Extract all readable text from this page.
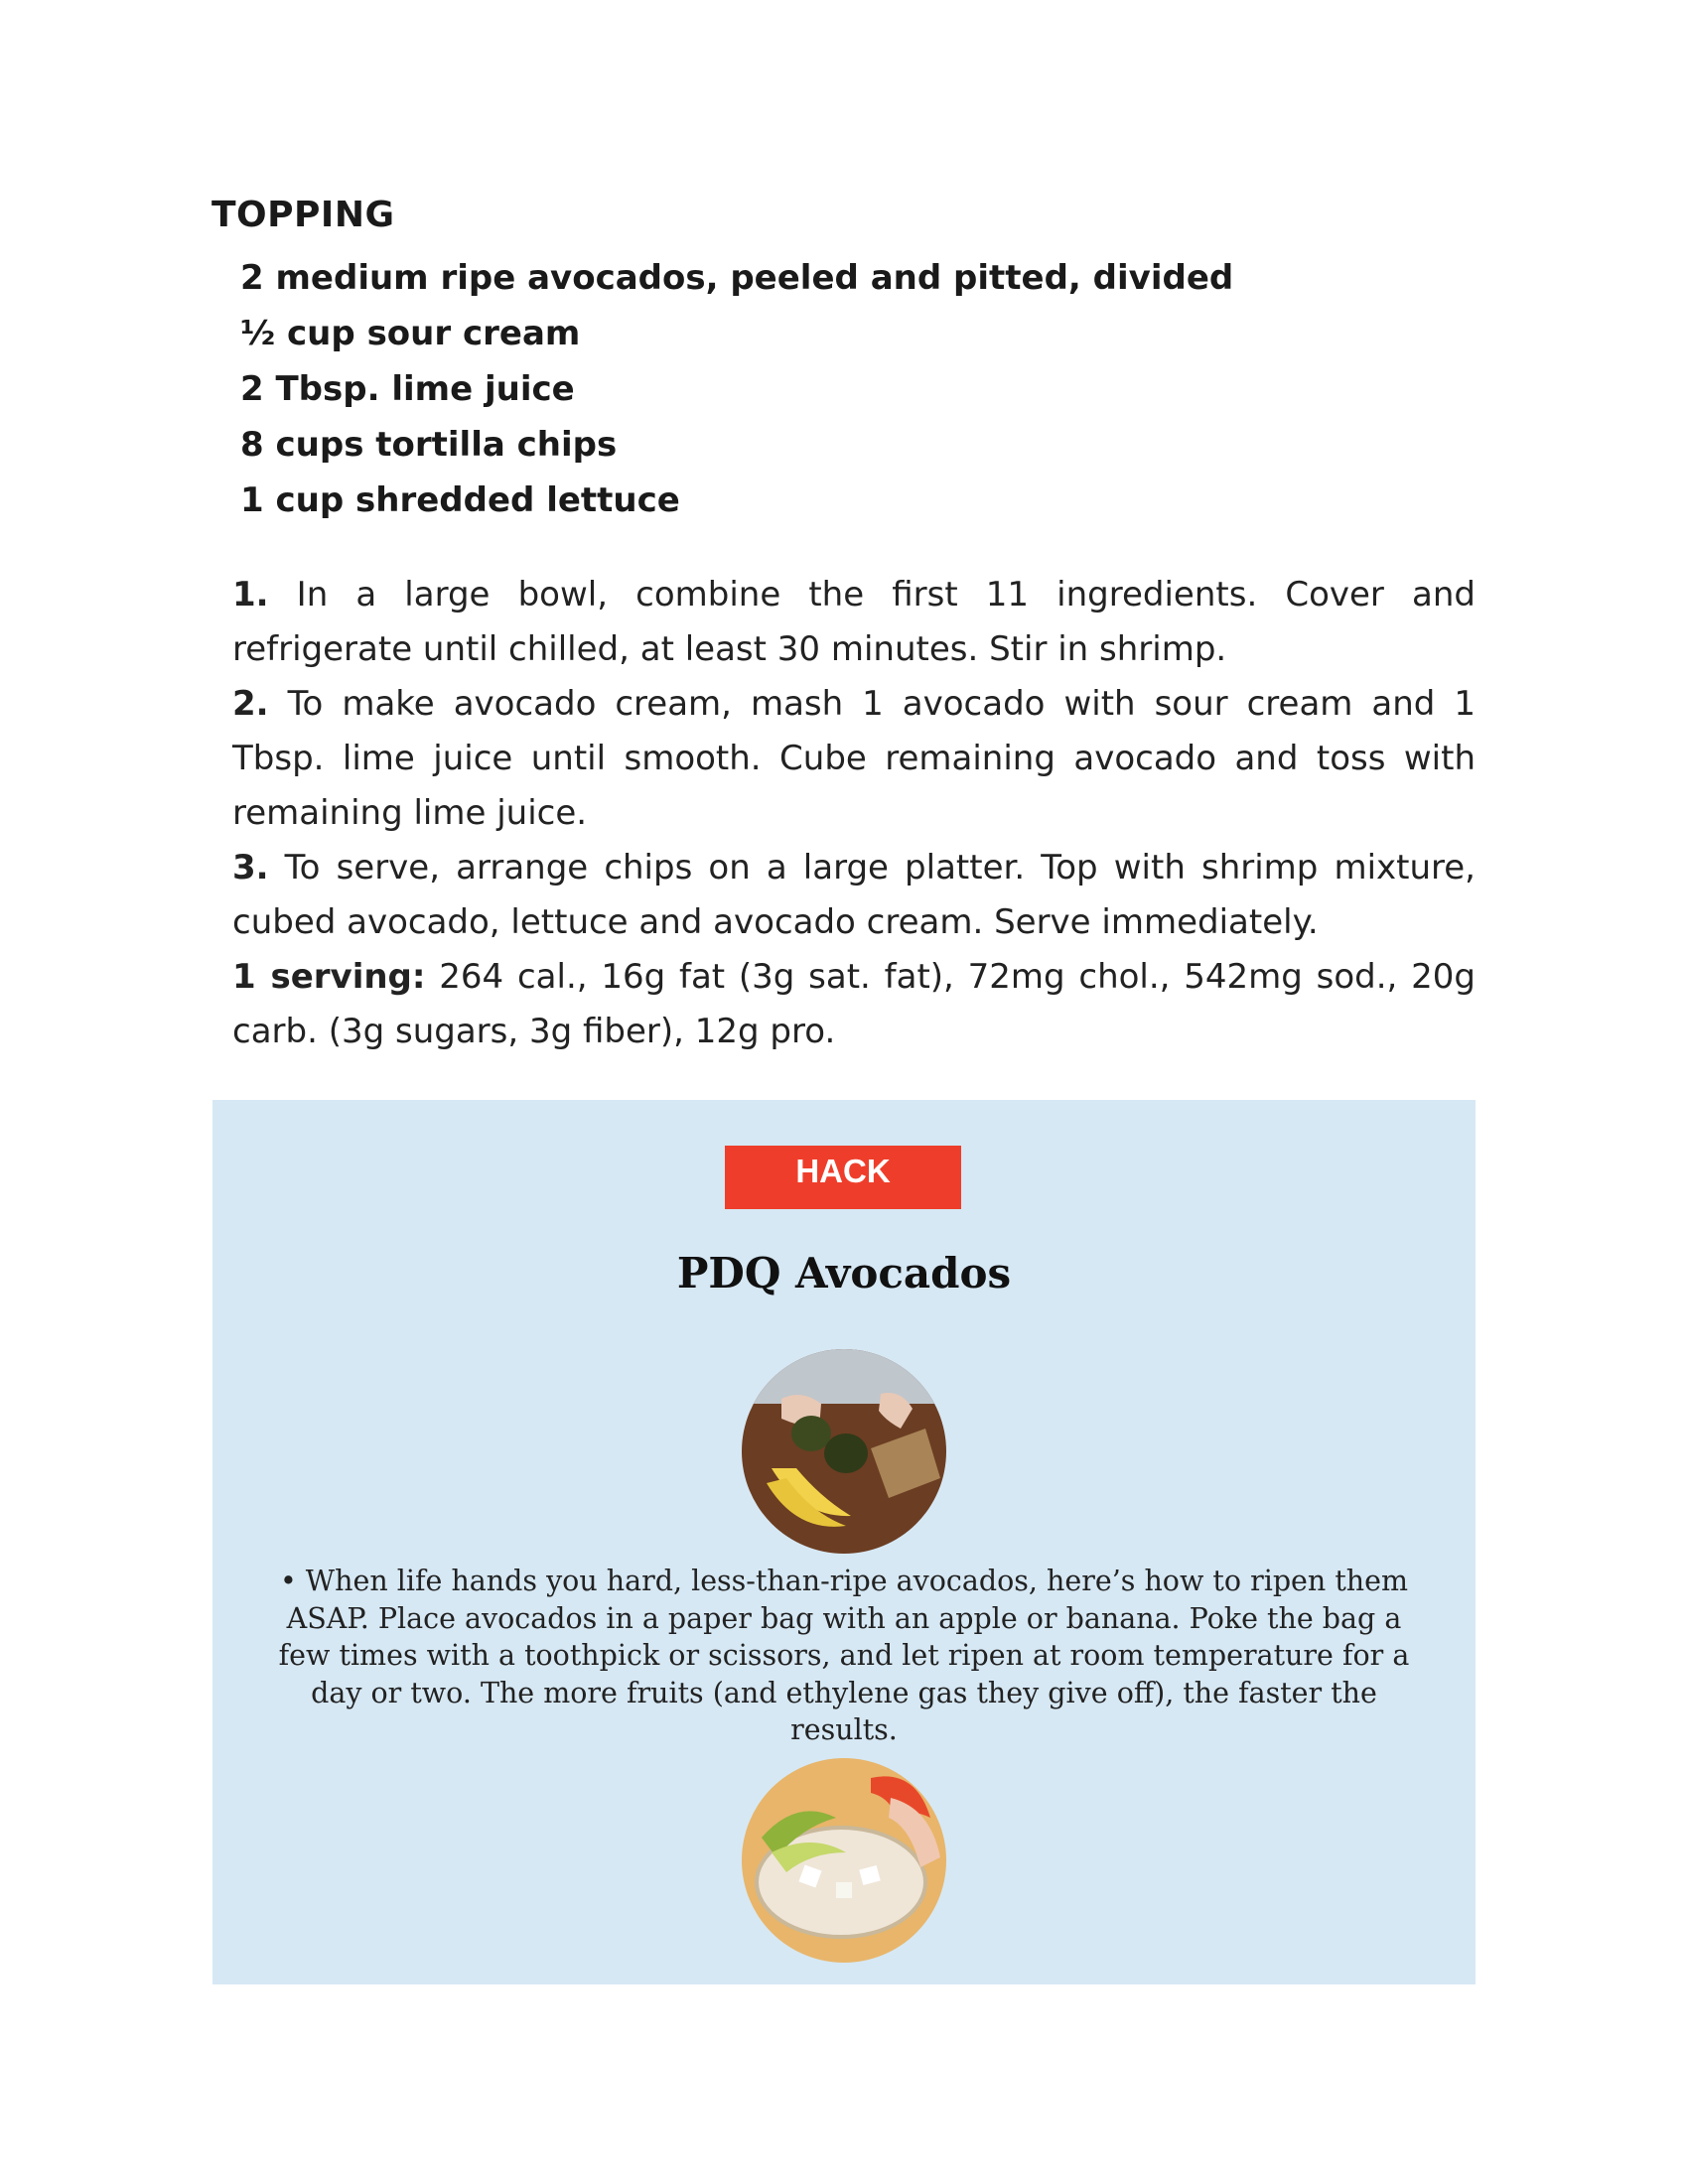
TOPPING
2 medium ripe avocados, peeled and pitted, divided
½ cup sour cream
2 Tbsp. lime juice
8 cups tortilla chips
1 cup shredded lettuce

1. In a large bowl, combine the first 11 ingredients. Cover and refrigerate until chilled, at least 30 minutes. Stir in shrimp.

2. To make avocado cream, mash 1 avocado with sour cream and 1 Tbsp. lime juice until smooth. Cube remaining avocado and toss with remaining lime juice.

3. To serve, arrange chips on a large platter. Top with shrimp mixture, cubed avocado, lettuce and avocado cream. Serve immediately.

1 serving: 264 cal., 16g fat (3g sat. fat), 72mg chol., 542mg sod., 20g carb. (3g sugars, 3g fiber), 12g pro.

HACK
PDQ Avocados
• When life hands you hard, less-than-ripe avocados, here’s how to ripen them ASAP. Place avocados in a paper bag with an apple or banana. Poke the bag a few times with a toothpick or scissors, and let ripen at room temperature for a day or two. The more fruits (and ethylene gas they give off), the faster the results.
